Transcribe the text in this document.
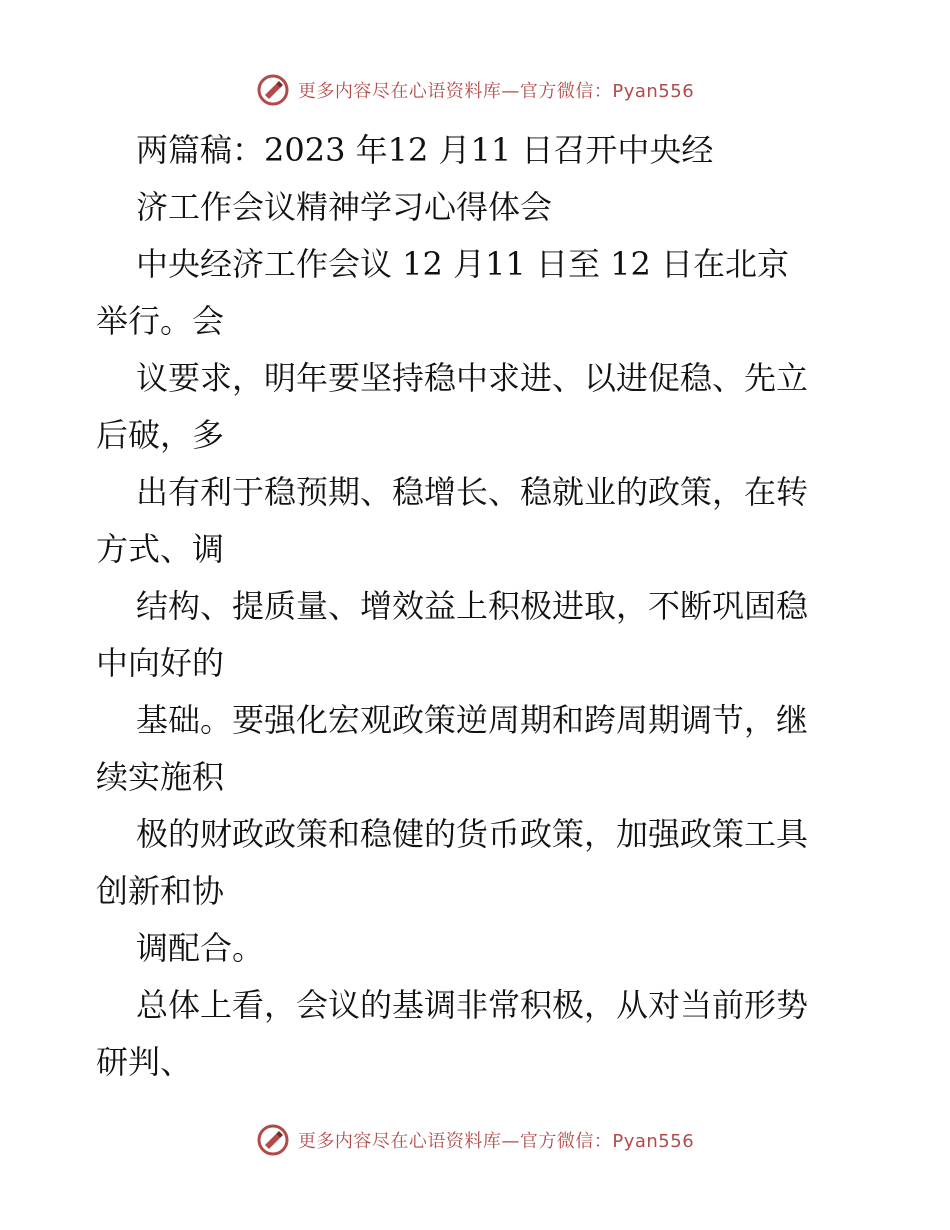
更多内容尽在心语资料库—官方微信：Pyan556
两篇稿：2023 年12 月11 日召开中央经
济工作会议精神学习心得体会
中央经济工作会议 12 月11 日至 12 日在北京
举行。会
议要求，明年要坚持稳中求进、以进促稳、先立
后破，多
出有利于稳预期、稳增长、稳就业的政策，在转
方式、调
结构、提质量、增效益上积极进取，不断巩固稳
中向好的
基础。要强化宏观政策逆周期和跨周期调节，继
续实施积
极的财政政策和稳健的货币政策，加强政策工具
创新和协
调配合。
总体上看，会议的基调非常积极，从对当前形势
研判、
更多内容尽在心语资料库—官方微信：Pyan556
